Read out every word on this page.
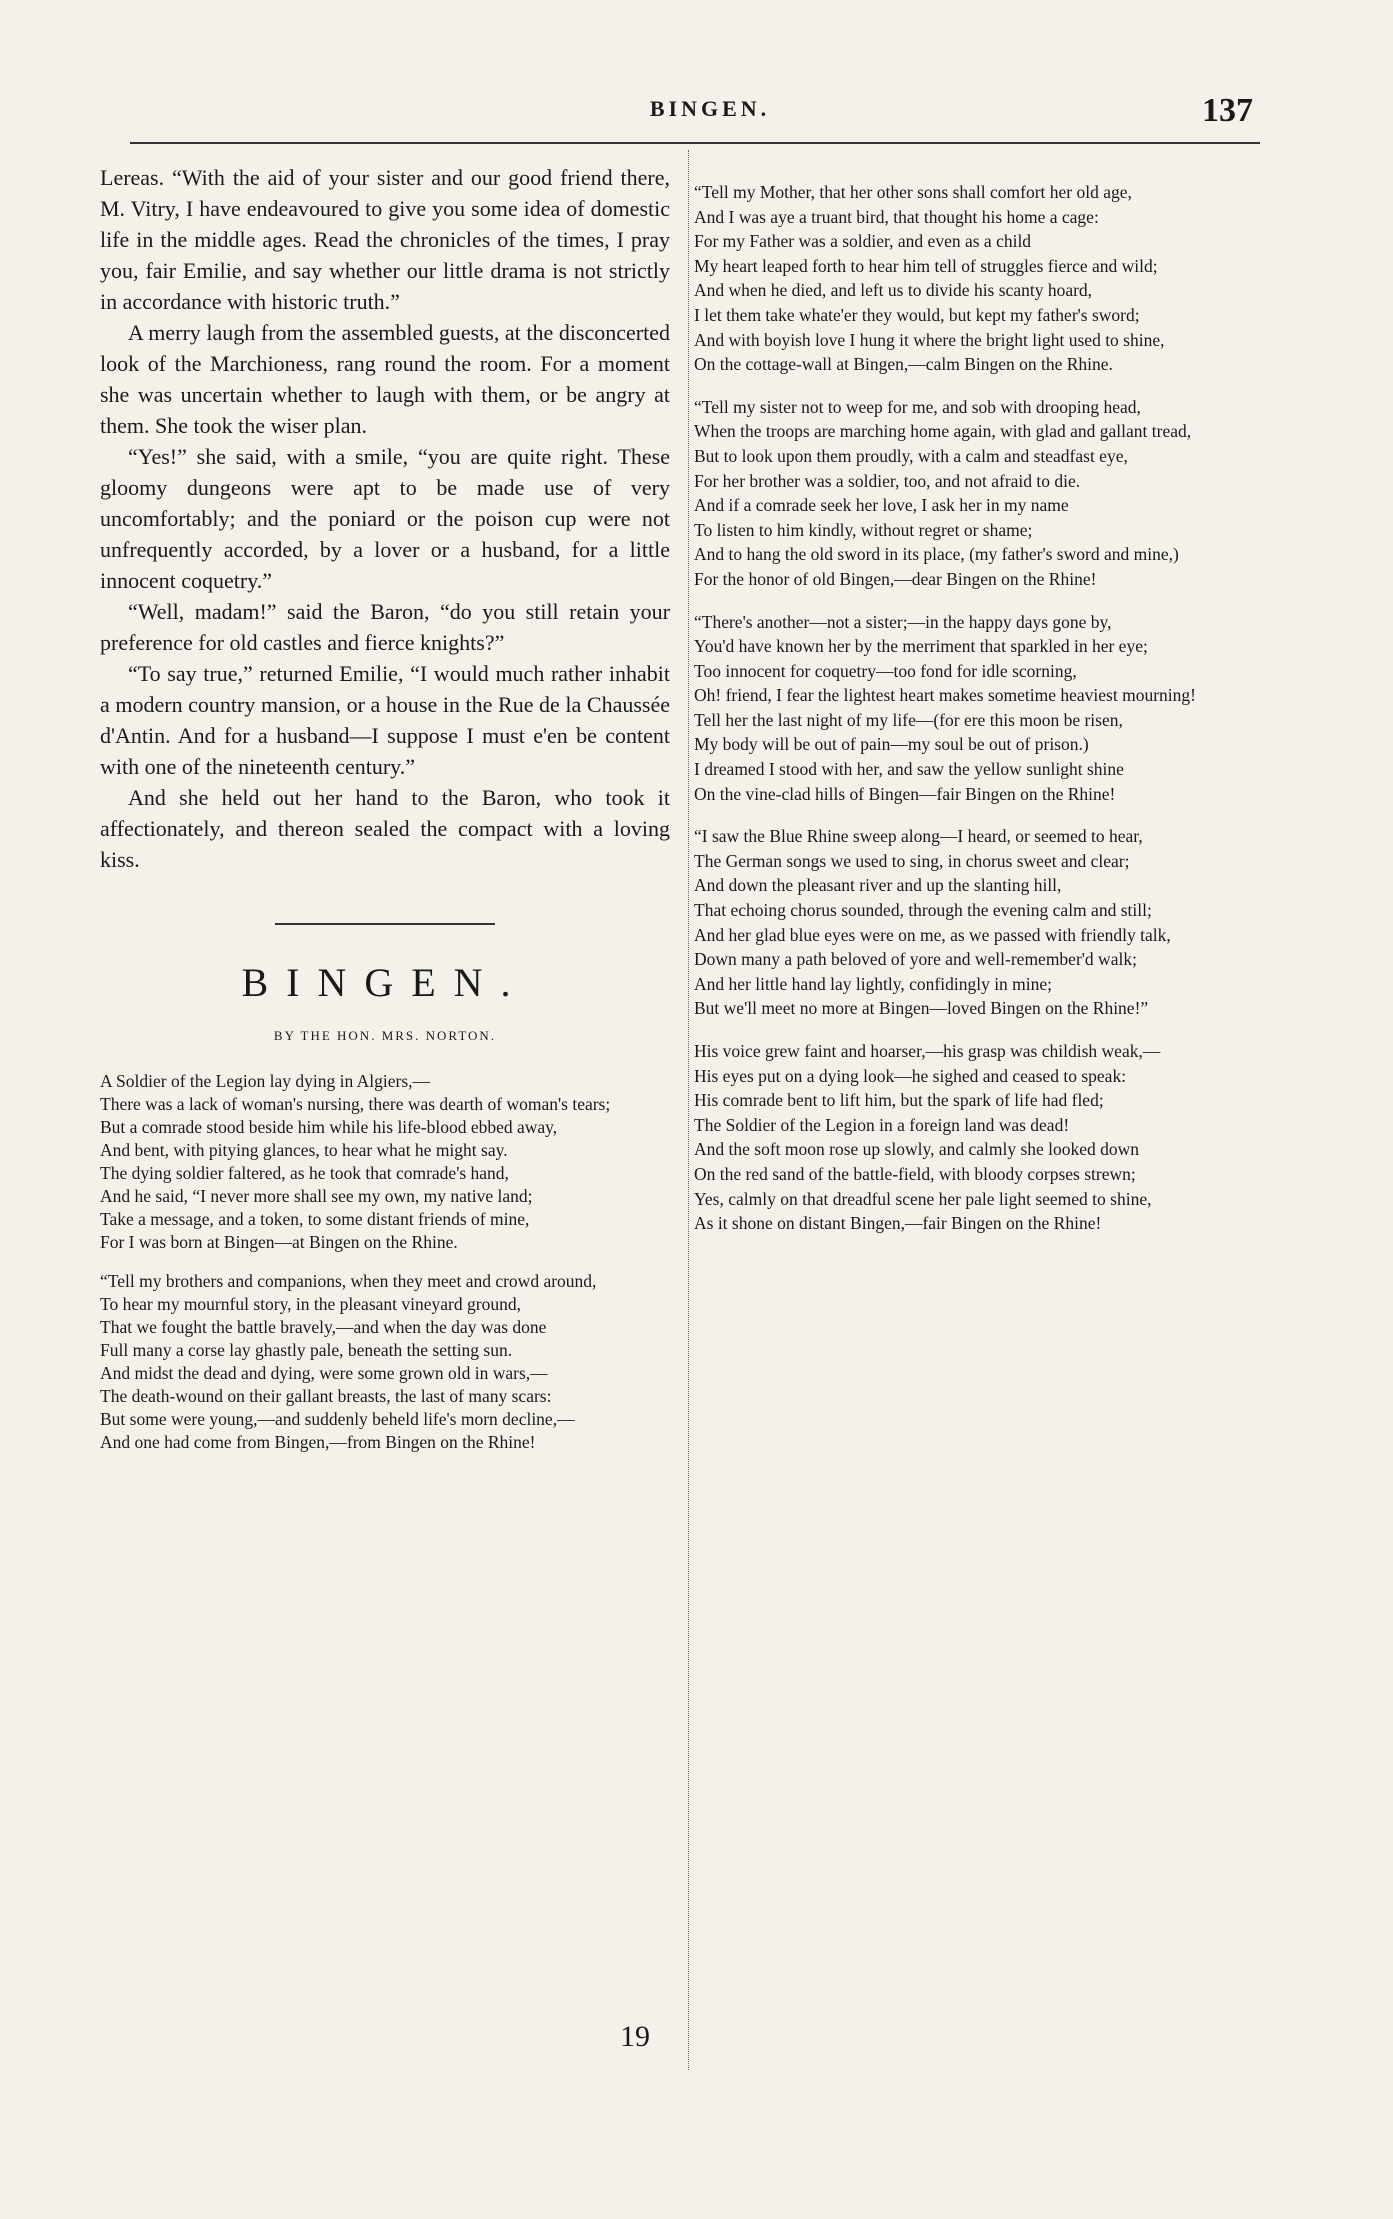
BINGEN.	137

Lereas. “With the aid of your sister and our good friend there, M. Vitry, I have endeavoured to give you some idea of domestic life in the middle ages. Read the chronicles of the times, I pray you, fair Emilie, and say whether our little drama is not strictly in accordance with historic truth.”

A merry laugh from the assembled guests, at the disconcerted look of the Marchioness, rang round the room. For a moment she was uncertain whether to laugh with them, or be angry at them. She took the wiser plan.

“Yes!” she said, with a smile, “you are quite right. These gloomy dungeons were apt to be made use of very uncomfortably; and the poniard or the poison cup were not unfrequently accorded, by a lover or a husband, for a little innocent coquetry.”

“Well, madam!” said the Baron, “do you still retain your preference for old castles and fierce knights?”

“To say true,” returned Emilie, “I would much rather inhabit a modern country mansion, or a house in the Rue de la Chaussée d'Antin. And for a husband—I suppose I must e'en be content with one of the nineteenth century.”

And she held out her hand to the Baron, who took it affectionately, and thereon sealed the compact with a loving kiss.

BINGEN.
BY THE HON. MRS. NORTON.

A Soldier of the Legion lay dying in Algiers,—

There was a lack of woman's nursing, there was dearth of woman's tears;

But a comrade stood beside him while his life-blood ebbed away,

And bent, with pitying glances, to hear what he might say.

The dying soldier faltered, as he took that comrade's hand,

And he said, “I never more shall see my own, my native land;

Take a message, and a token, to some distant friends of mine,

For I was born at Bingen—at Bingen on the Rhine.

“Tell my brothers and companions, when they meet and crowd around,

To hear my mournful story, in the pleasant vineyard ground,

That we fought the battle bravely,—and when the day was done

Full many a corse lay ghastly pale, beneath the setting sun.

And midst the dead and dying, were some grown old in wars,—

The death-wound on their gallant breasts, the last of many scars:

But some were young,—and suddenly beheld life's morn decline,—

And one had come from Bingen,—from Bingen on the Rhine!

“Tell my Mother, that her other sons shall comfort her old age,

And I was aye a truant bird, that thought his home a cage:

For my Father was a soldier, and even as a child

My heart leaped forth to hear him tell of struggles fierce and wild;

And when he died, and left us to divide his scanty hoard,

I let them take whate'er they would, but kept my father's sword;

And with boyish love I hung it where the bright light used to shine,

On the cottage-wall at Bingen,—calm Bingen on the Rhine.

“Tell my sister not to weep for me, and sob with drooping head,

When the troops are marching home again, with glad and gallant tread,

But to look upon them proudly, with a calm and steadfast eye,

For her brother was a soldier, too, and not afraid to die.

And if a comrade seek her love, I ask her in my name

To listen to him kindly, without regret or shame;

And to hang the old sword in its place, (my father's sword and mine,)

For the honor of old Bingen,—dear Bingen on the Rhine!

“There's another—not a sister;—in the happy days gone by,

You'd have known her by the merriment that sparkled in her eye;

Too innocent for coquetry—too fond for idle scorning,

Oh! friend, I fear the lightest heart makes sometime heaviest mourning!

Tell her the last night of my life—(for ere this moon be risen,

My body will be out of pain—my soul be out of prison.)

I dreamed I stood with her, and saw the yellow sunlight shine

On the vine-clad hills of Bingen—fair Bingen on the Rhine!

“I saw the Blue Rhine sweep along—I heard, or seemed to hear,

The German songs we used to sing, in chorus sweet and clear;

And down the pleasant river and up the slanting hill,

That echoing chorus sounded, through the evening calm and still;

And her glad blue eyes were on me, as we passed with friendly talk,

Down many a path beloved of yore and well-remember'd walk;

And her little hand lay lightly, confidingly in mine;

But we'll meet no more at Bingen—loved Bingen on the Rhine!”

His voice grew faint and hoarser,—his grasp was childish weak,—

His eyes put on a dying look—he sighed and ceased to speak:

His comrade bent to lift him, but the spark of life had fled;

The Soldier of the Legion in a foreign land was dead!

And the soft moon rose up slowly, and calmly she looked down

On the red sand of the battle-field, with bloody corpses strewn;

Yes, calmly on that dreadful scene her pale light seemed to shine,

As it shone on distant Bingen,—fair Bingen on the Rhine!

19
